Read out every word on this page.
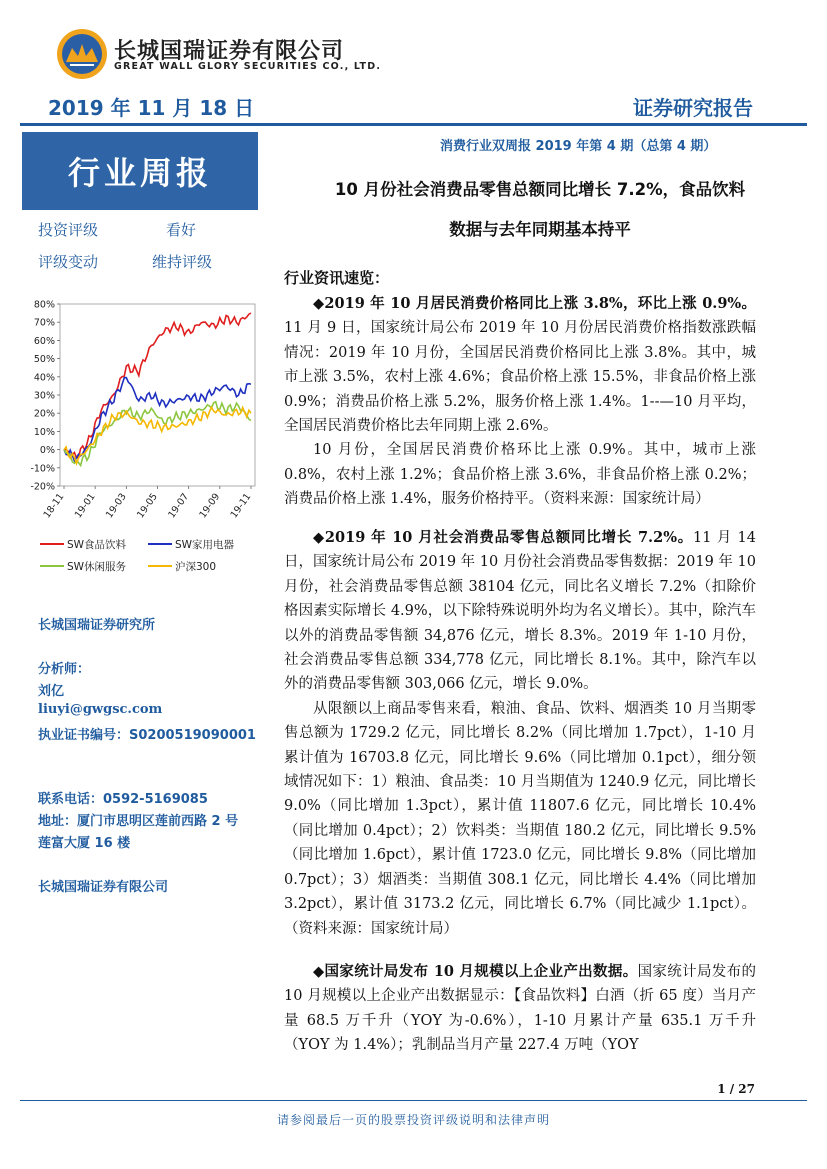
长城国瑞证券有限公司
GREAT WALL GLORY SECURITIES CO., LTD.
2019 年 11 月 18 日	证券研究报告
行业周报
投资评级	看好
评级变动	维持评级
80%
70%
60%
50%
40%
30%
20%
10%
0%
-10%
-20%
18-11 19-01 19-03 19-05 19-07 19-09 19-11
SW食品饮料	SW家用电器
SW休闲服务	沪深300
长城国瑞证券研究所
分析师：
刘亿
liuyi@gwgsc.com
执业证书编号：S0200519090001
联系电话：0592-5169085
地址：厦门市思明区莲前西路 2 号
莲富大厦 16 楼
长城国瑞证券有限公司
消费行业双周报 2019 年第 4 期（总第 4 期）
10 月份社会消费品零售总额同比增长 7.2%，食品饮料
数据与去年同期基本持平
行业资讯速览：

◆2019 年 10 月居民消费价格同比上涨 3.8%，环比上涨 0.9%。11 月 9 日，国家统计局公布 2019 年 10 月份居民消费价格指数涨跌幅情况：2019 年 10 月份，全国居民消费价格同比上涨 3.8%。其中，城市上涨 3.5%，农村上涨 4.6%；食品价格上涨 15.5%，非食品价格上涨 0.9%；消费品价格上涨 5.2%，服务价格上涨 1.4%。1--—10 月平均，全国居民消费价格比去年同期上涨 2.6%。

10 月份，全国居民消费价格环比上涨 0.9%。其中，城市上涨 0.8%，农村上涨 1.2%；食品价格上涨 3.6%，非食品价格上涨 0.2%；消费品价格上涨 1.4%，服务价格持平。（资料来源：国家统计局）

◆2019 年 10 月社会消费品零售总额同比增长 7.2%。11 月 14 日，国家统计局公布 2019 年 10 月份社会消费品零售数据：2019 年 10 月份，社会消费品零售总额 38104 亿元，同比名义增长 7.2%（扣除价格因素实际增长 4.9%，以下除特殊说明外均为名义增长）。其中，除汽车以外的消费品零售额 34,876 亿元，增长 8.3%。2019 年 1-10 月份，社会消费品零售总额 334,778 亿元，同比增长 8.1%。其中，除汽车以外的消费品零售额 303,066 亿元，增长 9.0%。

从限额以上商品零售来看，粮油、食品、饮料、烟酒类 10 月当期零售总额为 1729.2 亿元，同比增长 8.2%（同比增加 1.7pct），1-10 月累计值为 16703.8 亿元，同比增长 9.6%（同比增加 0.1pct），细分领域情况如下：1）粮油、食品类：10 月当期值为 1240.9 亿元，同比增长 9.0%（同比增加 1.3pct），累计值 11807.6 亿元，同比增长 10.4%（同比增加 0.4pct）；2）饮料类：当期值 180.2 亿元，同比增长 9.5%（同比增加 1.6pct），累计值 1723.0 亿元，同比增长 9.8%（同比增加 0.7pct）；3）烟酒类：当期值 308.1 亿元，同比增长 4.4%（同比增加 3.2pct），累计值 3173.2 亿元，同比增长 6.7%（同比减少 1.1pct）。（资料来源：国家统计局）

◆国家统计局发布 10 月规模以上企业产出数据。国家统计局发布的 10 月规模以上企业产出数据显示：【食品饮料】白酒（折 65 度）当月产量 68.5 万千升（YOY 为-0.6%），1-10 月累计产量 635.1 万千升（YOY 为 1.4%）；乳制品当月产量 227.4 万吨（YOY

1 / 27
请参阅最后一页的股票投资评级说明和法律声明
